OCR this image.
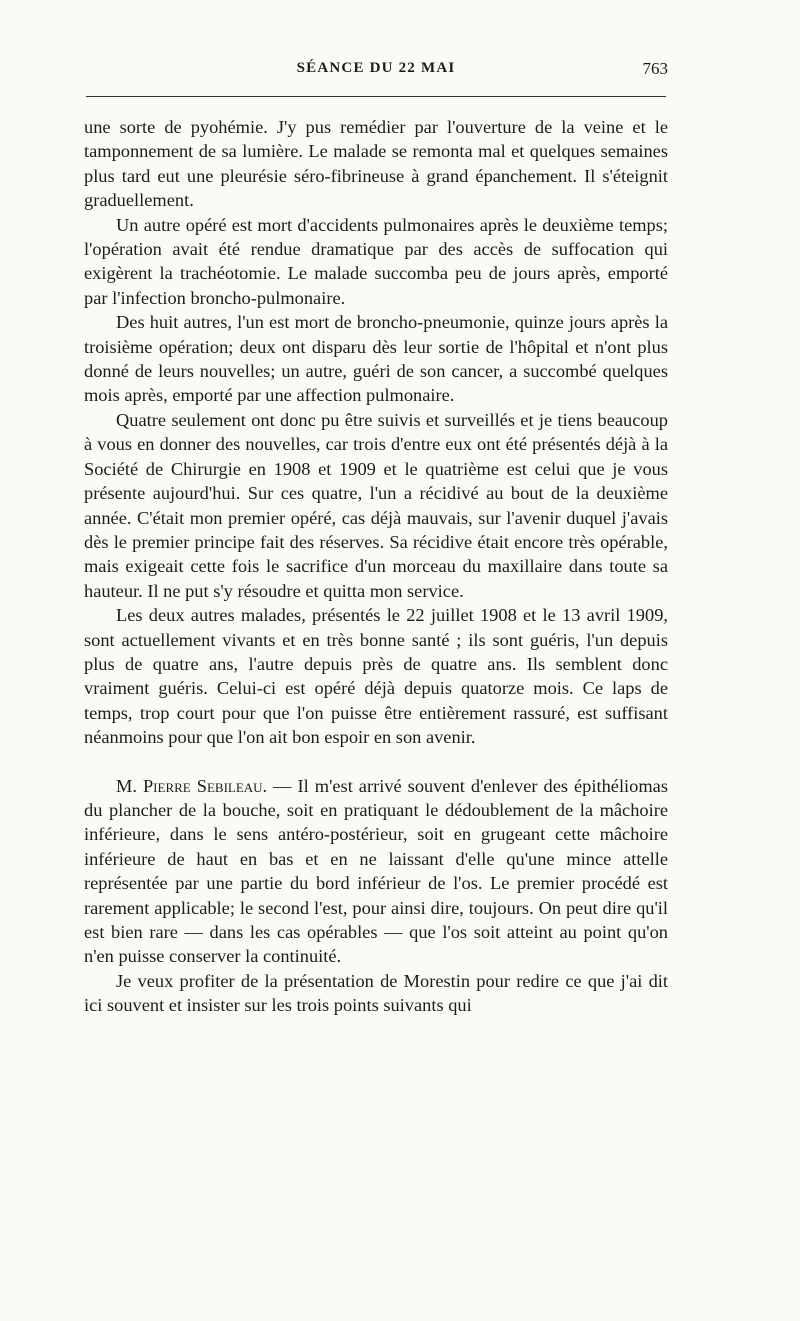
SÉANCE DU 22 MAI	763

une sorte de pyohémie. J'y pus remédier par l'ouverture de la veine et le tamponnement de sa lumière. Le malade se remonta mal et quelques semaines plus tard eut une pleurésie séro-fibrineuse à grand épanchement. Il s'éteignit graduellement.

Un autre opéré est mort d'accidents pulmonaires après le deuxième temps; l'opération avait été rendue dramatique par des accès de suffocation qui exigèrent la trachéotomie. Le malade succomba peu de jours après, emporté par l'infection broncho-pulmonaire.

Des huit autres, l'un est mort de broncho-pneumonie, quinze jours après la troisième opération; deux ont disparu dès leur sortie de l'hôpital et n'ont plus donné de leurs nouvelles; un autre, guéri de son cancer, a succombé quelques mois après, emporté par une affection pulmonaire.

Quatre seulement ont donc pu être suivis et surveillés et je tiens beaucoup à vous en donner des nouvelles, car trois d'entre eux ont été présentés déjà à la Société de Chirurgie en 1908 et 1909 et le quatrième est celui que je vous présente aujourd'hui. Sur ces quatre, l'un a récidivé au bout de la deuxième année. C'était mon premier opéré, cas déjà mauvais, sur l'avenir duquel j'avais dès le premier principe fait des réserves. Sa récidive était encore très opérable, mais exigeait cette fois le sacrifice d'un morceau du maxillaire dans toute sa hauteur. Il ne put s'y résoudre et quitta mon service.

Les deux autres malades, présentés le 22 juillet 1908 et le 13 avril 1909, sont actuellement vivants et en très bonne santé ; ils sont guéris, l'un depuis plus de quatre ans, l'autre depuis près de quatre ans. Ils semblent donc vraiment guéris. Celui-ci est opéré déjà depuis quatorze mois. Ce laps de temps, trop court pour que l'on puisse être entièrement rassuré, est suffisant néanmoins pour que l'on ait bon espoir en son avenir.

M. Pierre Sebileau. — Il m'est arrivé souvent d'enlever des épithéliomas du plancher de la bouche, soit en pratiquant le dédoublement de la mâchoire inférieure, dans le sens antéro-postérieur, soit en grugeant cette mâchoire inférieure de haut en bas et en ne laissant d'elle qu'une mince attelle représentée par une partie du bord inférieur de l'os. Le premier procédé est rarement applicable; le second l'est, pour ainsi dire, toujours. On peut dire qu'il est bien rare — dans les cas opérables — que l'os soit atteint au point qu'on n'en puisse conserver la continuité.

Je veux profiter de la présentation de Morestin pour redire ce que j'ai dit ici souvent et insister sur les trois points suivants qui
